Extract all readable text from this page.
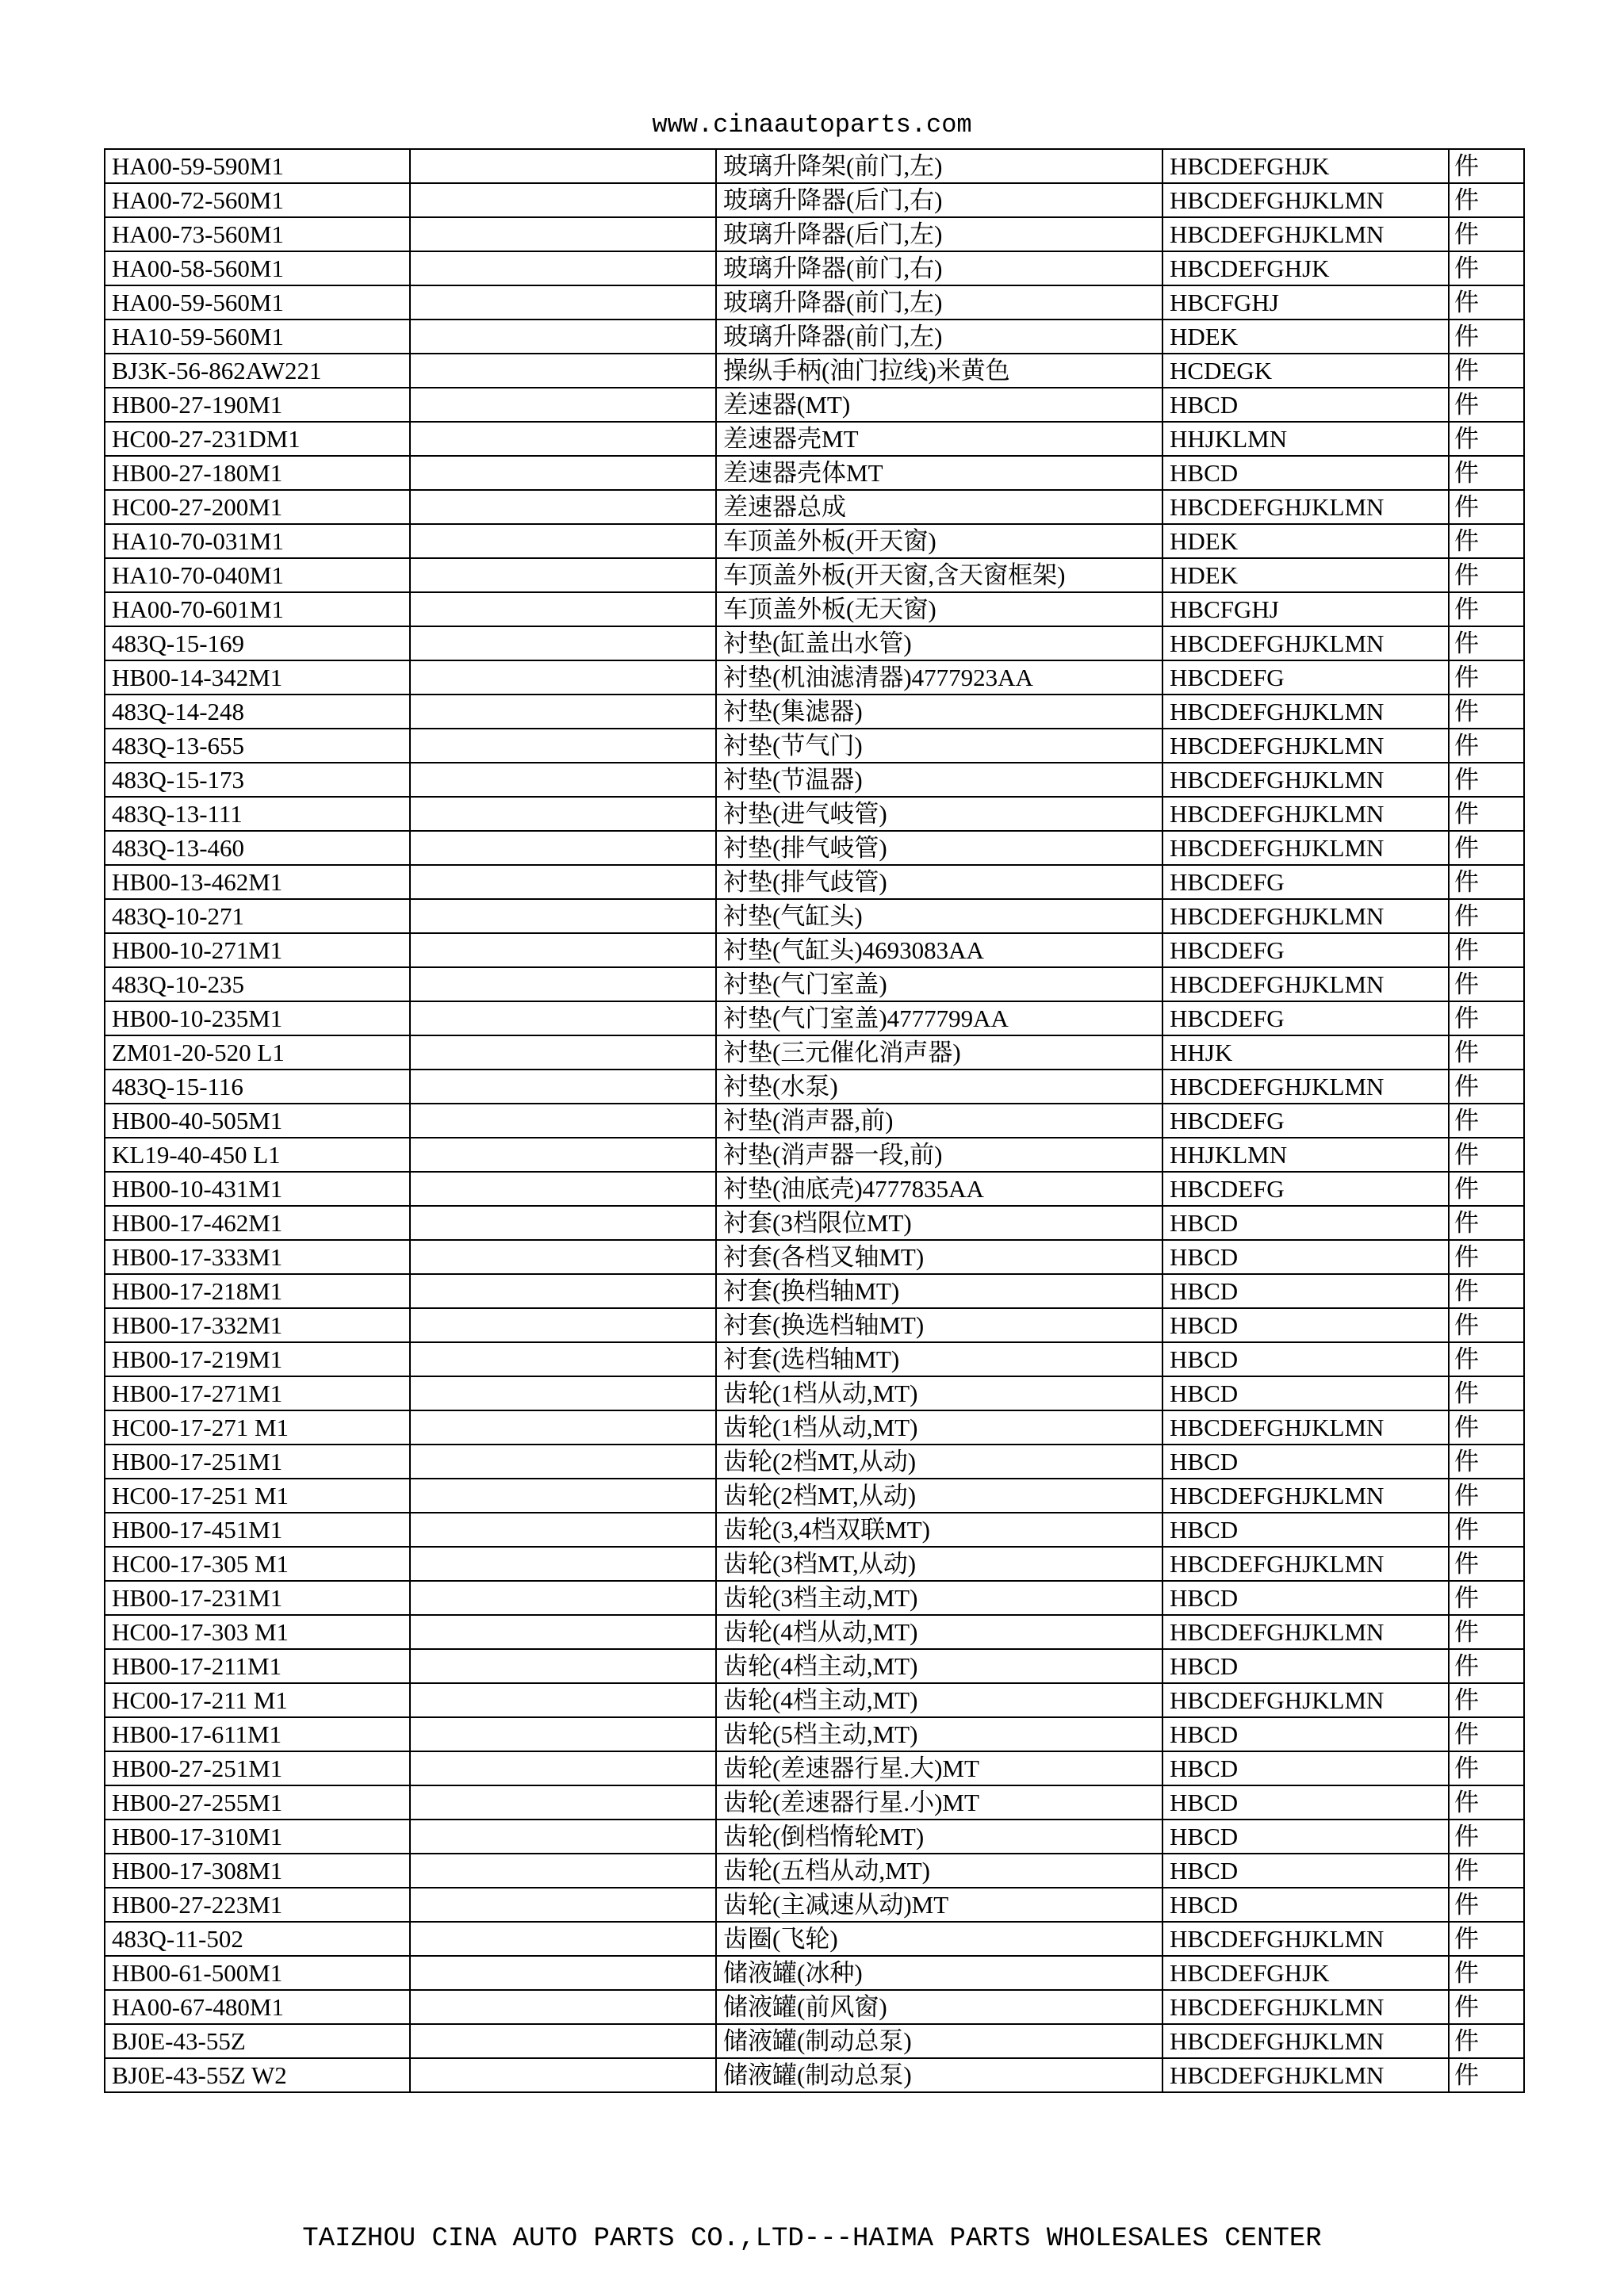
www.cinaautoparts.com
HA00-59-590M1		玻璃升降架(前门,左)	HBCDEFGHJK	件
HA00-72-560M1		玻璃升降器(后门,右)	HBCDEFGHJKLMN	件
HA00-73-560M1		玻璃升降器(后门,左)	HBCDEFGHJKLMN	件
HA00-58-560M1		玻璃升降器(前门,右)	HBCDEFGHJK	件
HA00-59-560M1		玻璃升降器(前门,左)	HBCFGHJ	件
HA10-59-560M1		玻璃升降器(前门,左)	HDEK	件
BJ3K-56-862AW221		操纵手柄(油门拉线)米黄色	HCDEGK	件
HB00-27-190M1		差速器(MT)	HBCD	件
HC00-27-231DM1		差速器壳MT	HHJKLMN	件
HB00-27-180M1		差速器壳体MT	HBCD	件
HC00-27-200M1		差速器总成	HBCDEFGHJKLMN	件
HA10-70-031M1		车顶盖外板(开天窗)	HDEK	件
HA10-70-040M1		车顶盖外板(开天窗,含天窗框架)	HDEK	件
HA00-70-601M1		车顶盖外板(无天窗)	HBCFGHJ	件
483Q-15-169		衬垫(缸盖出水管)	HBCDEFGHJKLMN	件
HB00-14-342M1		衬垫(机油滤清器)4777923AA	HBCDEFG	件
483Q-14-248		衬垫(集滤器)	HBCDEFGHJKLMN	件
483Q-13-655		衬垫(节气门)	HBCDEFGHJKLMN	件
483Q-15-173		衬垫(节温器)	HBCDEFGHJKLMN	件
483Q-13-111		衬垫(进气岐管)	HBCDEFGHJKLMN	件
483Q-13-460		衬垫(排气岐管)	HBCDEFGHJKLMN	件
HB00-13-462M1		衬垫(排气歧管)	HBCDEFG	件
483Q-10-271		衬垫(气缸头)	HBCDEFGHJKLMN	件
HB00-10-271M1		衬垫(气缸头)4693083AA	HBCDEFG	件
483Q-10-235		衬垫(气门室盖)	HBCDEFGHJKLMN	件
HB00-10-235M1		衬垫(气门室盖)4777799AA	HBCDEFG	件
ZM01-20-520 L1		衬垫(三元催化消声器)	HHJK	件
483Q-15-116		衬垫(水泵)	HBCDEFGHJKLMN	件
HB00-40-505M1		衬垫(消声器,前)	HBCDEFG	件
KL19-40-450 L1		衬垫(消声器一段,前)	HHJKLMN	件
HB00-10-431M1		衬垫(油底壳)4777835AA	HBCDEFG	件
HB00-17-462M1		衬套(3档限位MT)	HBCD	件
HB00-17-333M1		衬套(各档叉轴MT)	HBCD	件
HB00-17-218M1		衬套(换档轴MT)	HBCD	件
HB00-17-332M1		衬套(换选档轴MT)	HBCD	件
HB00-17-219M1		衬套(选档轴MT)	HBCD	件
HB00-17-271M1		齿轮(1档从动,MT)	HBCD	件
HC00-17-271 M1		齿轮(1档从动,MT)	HBCDEFGHJKLMN	件
HB00-17-251M1		齿轮(2档MT,从动)	HBCD	件
HC00-17-251 M1		齿轮(2档MT,从动)	HBCDEFGHJKLMN	件
HB00-17-451M1		齿轮(3,4档双联MT)	HBCD	件
HC00-17-305 M1		齿轮(3档MT,从动)	HBCDEFGHJKLMN	件
HB00-17-231M1		齿轮(3档主动,MT)	HBCD	件
HC00-17-303 M1		齿轮(4档从动,MT)	HBCDEFGHJKLMN	件
HB00-17-211M1		齿轮(4档主动,MT)	HBCD	件
HC00-17-211 M1		齿轮(4档主动,MT)	HBCDEFGHJKLMN	件
HB00-17-611M1		齿轮(5档主动,MT)	HBCD	件
HB00-27-251M1		齿轮(差速器行星.大)MT	HBCD	件
HB00-27-255M1		齿轮(差速器行星.小)MT	HBCD	件
HB00-17-310M1		齿轮(倒档惰轮MT)	HBCD	件
HB00-17-308M1		齿轮(五档从动,MT)	HBCD	件
HB00-27-223M1		齿轮(主减速从动)MT	HBCD	件
483Q-11-502		齿圈(飞轮)	HBCDEFGHJKLMN	件
HB00-61-500M1		储液罐(冰种)	HBCDEFGHJK	件
HA00-67-480M1		储液罐(前风窗)	HBCDEFGHJKLMN	件
BJ0E-43-55Z		储液罐(制动总泵)	HBCDEFGHJKLMN	件
BJ0E-43-55Z W2		储液罐(制动总泵)	HBCDEFGHJKLMN	件
TAIZHOU CINA AUTO PARTS CO.,LTD---HAIMA PARTS WHOLESALES CENTER
